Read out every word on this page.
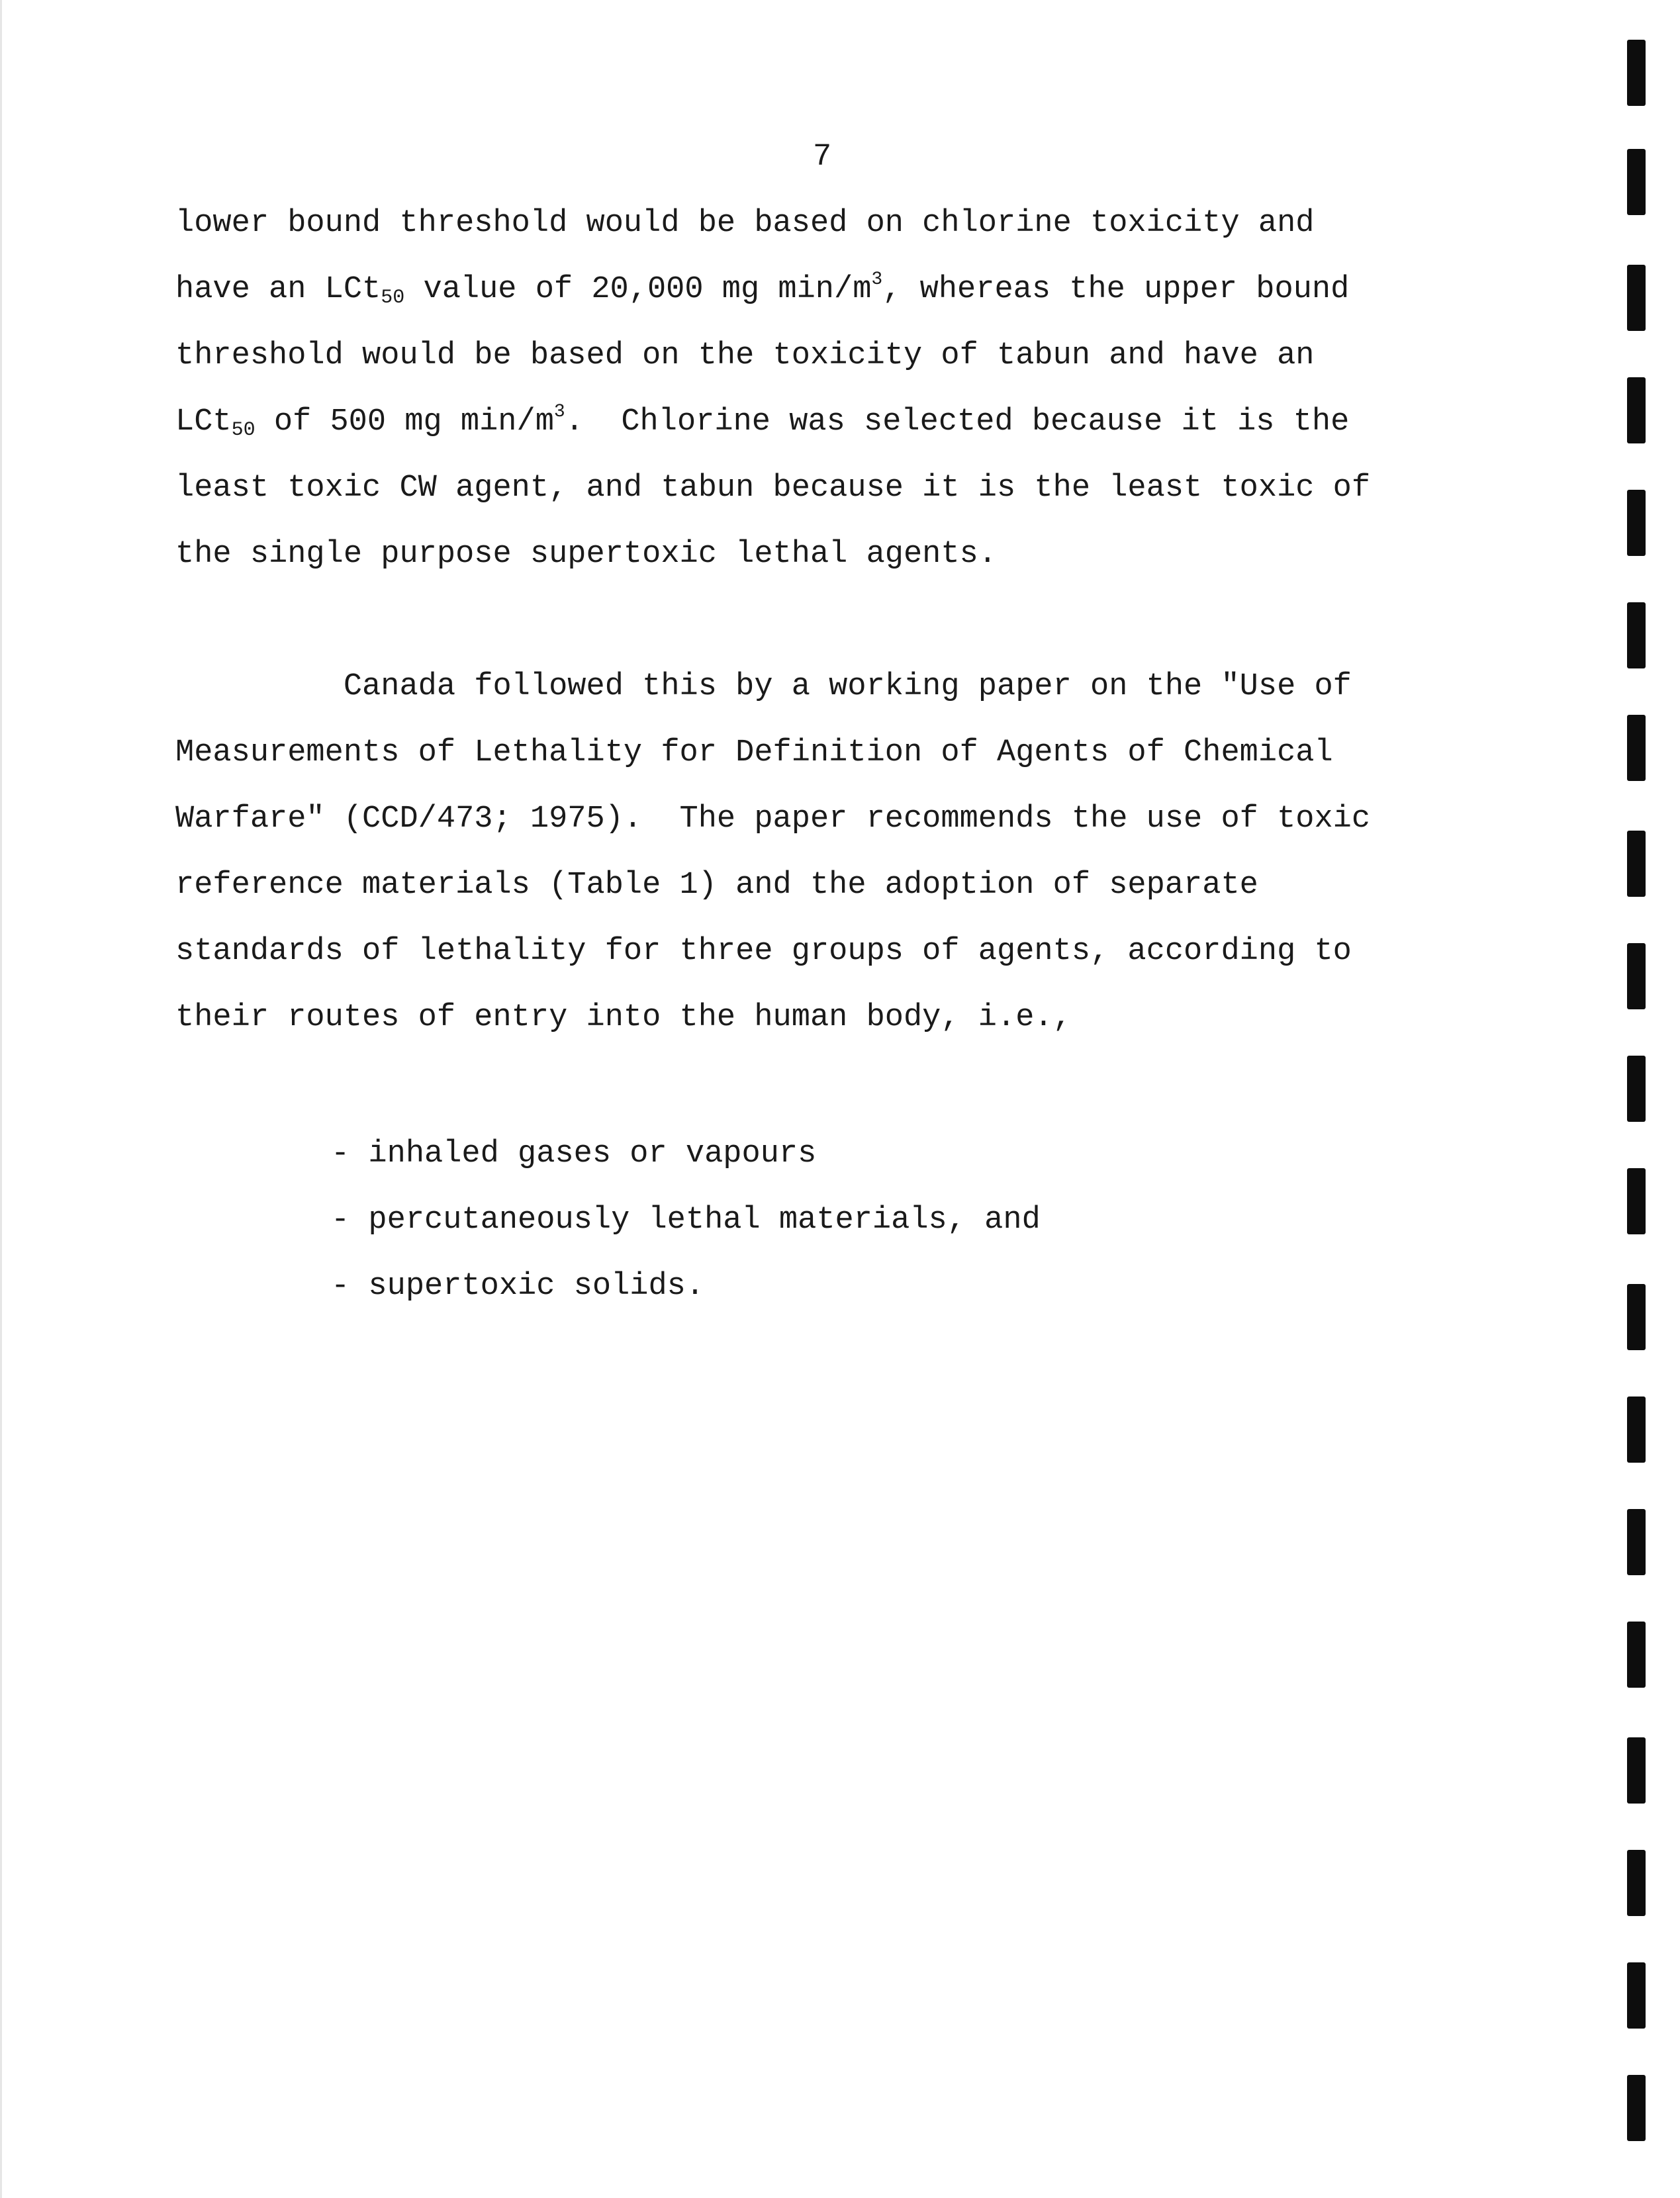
7
lower bound threshold would be based on chlorine toxicity and
have an LCt$_{50}$ value of 20,000 mg $\min/m^3$, whereas the upper bound
threshold would be based on the toxicity of tabun and have an
LCt$_{50}$ of 500 mg $\min/m^3$.  Chlorine was selected because it is the
least toxic CW agent, and tabun because it is the least toxic of
the single purpose supertoxic lethal agents.
Canada followed this by a working paper on the "Use of
Measurements of Lethality for Definition of Agents of Chemical
Warfare" (CCD/473; 1975).  The paper recommends the use of toxic
reference materials (Table 1) and the adoption of separate
standards of lethality for three groups of agents, according to
their routes of entry into the human body, i.e.,
- inhaled gases or vapours
- percutaneously lethal materials, and
- supertoxic solids.
